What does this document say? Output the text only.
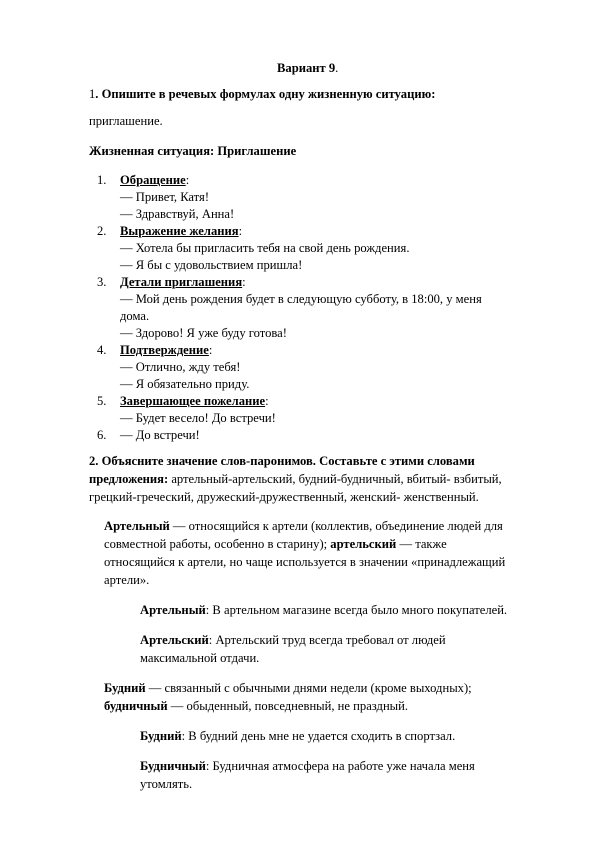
Вариант 9.
1. Опишите в речевых формулах одну жизненную ситуацию:
приглашение.
Жизненная ситуация: Приглашение
1. Обращение:
— Привет, Катя!
— Здравствуй, Анна!
2. Выражение желания:
— Хотела бы пригласить тебя на свой день рождения.
— Я бы с удовольствием пришла!
3. Детали приглашения:
— Мой день рождения будет в следующую субботу, в 18:00, у меня
дома.
— Здорово! Я уже буду готова!
4. Подтверждение:
— Отлично, жду тебя!
— Я обязательно приду.
5. Завершающее пожелание:
— Будет весело! До встречи!
6. — До встречи!
2. Объясните значение слов-паронимов. Составьте с этими словами
предложения: артельный-артельский, будний-будничный, вбитый- взбитый,
грецкий-греческий, дружеский-дружественный, женский- женственный.
Артельный — относящийся к артели (коллектив, объединение людей для
совместной работы, особенно в старину); артельский — также
относящийся к артели, но чаще используется в значении «принадлежащий
артели».
Артельный: В артельном магазине всегда было много покупателей.
Артельский: Артельский труд всегда требовал от людей
максимальной отдачи.
Будний — связанный с обычными днями недели (кроме выходных);
будничный — обыденный, повседневный, не праздный.
Будний: В будний день мне не удается сходить в спортзал.
Будничный: Будничная атмосфера на работе уже начала меня
утомлять.
